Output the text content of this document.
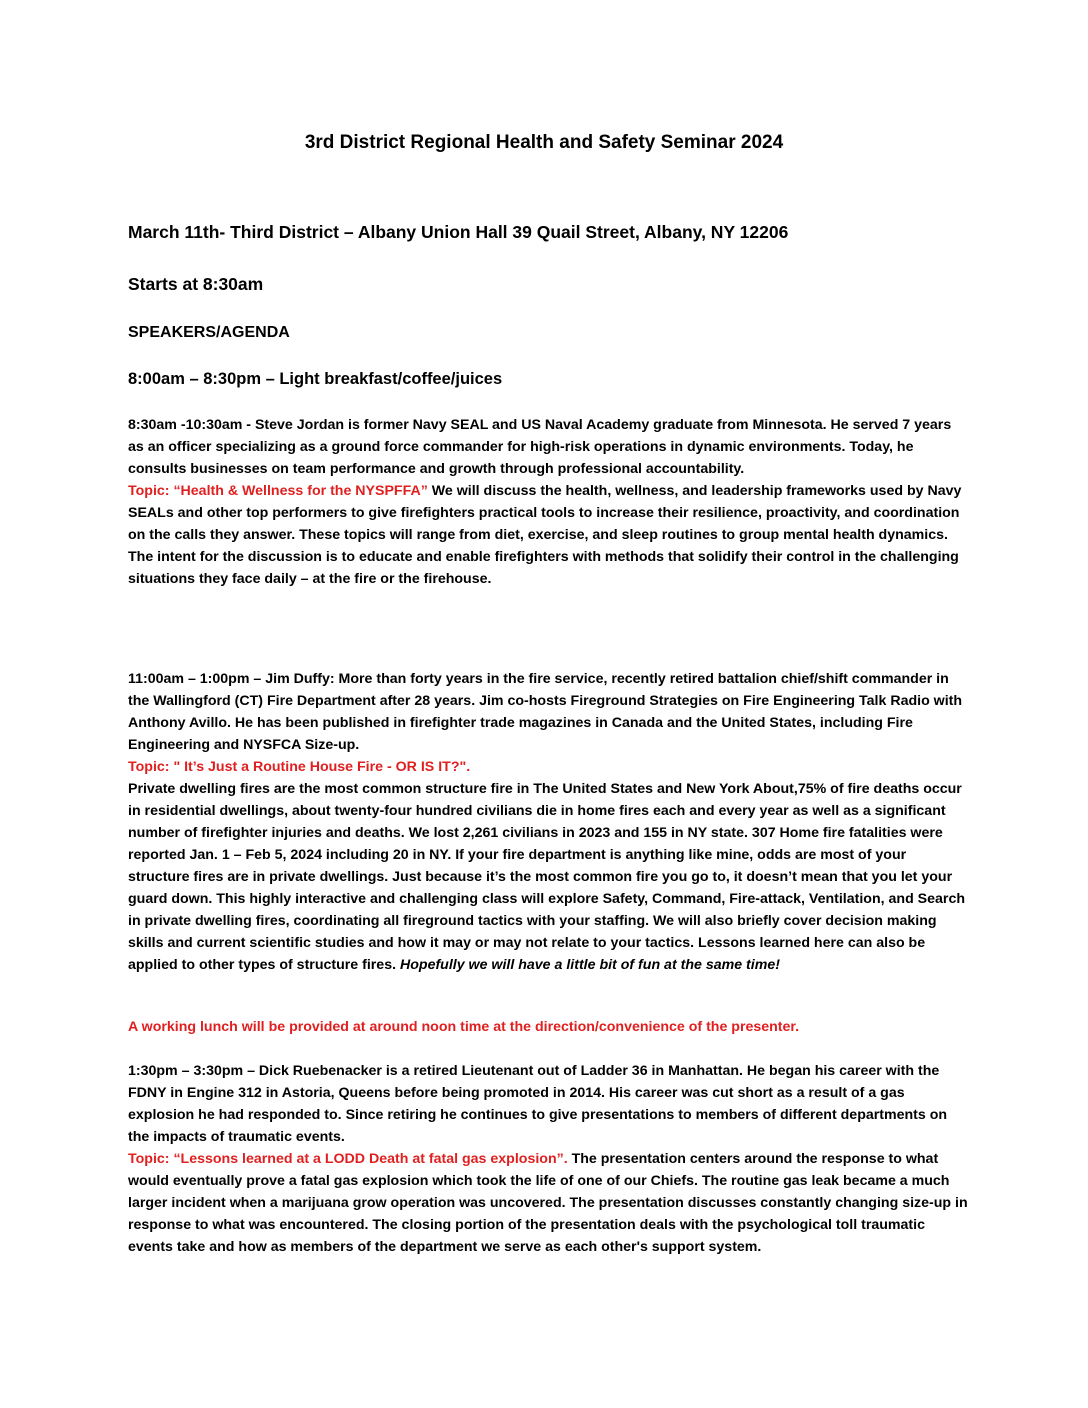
3rd District Regional Health and Safety Seminar 2024

March 11th- Third District – Albany Union Hall 39 Quail Street, Albany, NY 12206

Starts at 8:30am

SPEAKERS/AGENDA

8:00am – 8:30pm – Light breakfast/coffee/juices

8:30am -10:30am - Steve Jordan is former Navy SEAL and US Naval Academy graduate from Minnesota. He served 7 years as an officer specializing as a ground force commander for high-risk operations in dynamic environments. Today, he consults businesses on team performance and growth through professional accountability.
Topic: “Health & Wellness for the NYSPFFA” We will discuss the health, wellness, and leadership frameworks used by Navy SEALs and other top performers to give firefighters practical tools to increase their resilience, proactivity, and coordination on the calls they answer. These topics will range from diet, exercise, and sleep routines to group mental health dynamics. The intent for the discussion is to educate and enable firefighters with methods that solidify their control in the challenging situations they face daily – at the fire or the firehouse.
11:00am – 1:00pm – Jim Duffy: More than forty years in the fire service, recently retired battalion chief/shift commander in the Wallingford (CT) Fire Department after 28 years. Jim co-hosts Fireground Strategies on Fire Engineering Talk Radio with Anthony Avillo. He has been published in firefighter trade magazines in Canada and the United States, including Fire Engineering and NYSFCA Size-up.
Topic: " It’s Just a Routine House Fire - OR IS IT?".
Private dwelling fires are the most common structure fire in The United States and New York About,75% of fire deaths occur in residential dwellings, about twenty-four hundred civilians die in home fires each and every year as well as a significant number of firefighter injuries and deaths. We lost 2,261 civilians in 2023 and 155 in NY state. 307 Home fire fatalities were reported Jan. 1 – Feb 5, 2024 including 20 in NY. If your fire department is anything like mine, odds are most of your structure fires are in private dwellings. Just because it’s the most common fire you go to, it doesn’t mean that you let your guard down. This highly interactive and challenging class will explore Safety, Command, Fire-attack, Ventilation, and Search in private dwelling fires, coordinating all fireground tactics with your staffing. We will also briefly cover decision making skills and current scientific studies and how it may or may not relate to your tactics. Lessons learned here can also be applied to other types of structure fires. Hopefully we will have a little bit of fun at the same time!

A working lunch will be provided at around noon time at the direction/convenience of the presenter.

1:30pm – 3:30pm – Dick Ruebenacker is a retired Lieutenant out of Ladder 36 in Manhattan. He began his career with the FDNY in Engine 312 in Astoria, Queens before being promoted in 2014. His career was cut short as a result of a gas explosion he had responded to. Since retiring he continues to give presentations to members of different departments on the impacts of traumatic events.
Topic: “Lessons learned at a LODD Death at fatal gas explosion”. The presentation centers around the response to what would eventually prove a fatal gas explosion which took the life of one of our Chiefs. The routine gas leak became a much larger incident when a marijuana grow operation was uncovered. The presentation discusses constantly changing size-up in response to what was encountered. The closing portion of the presentation deals with the psychological toll traumatic events take and how as members of the department we serve as each other's support system.
